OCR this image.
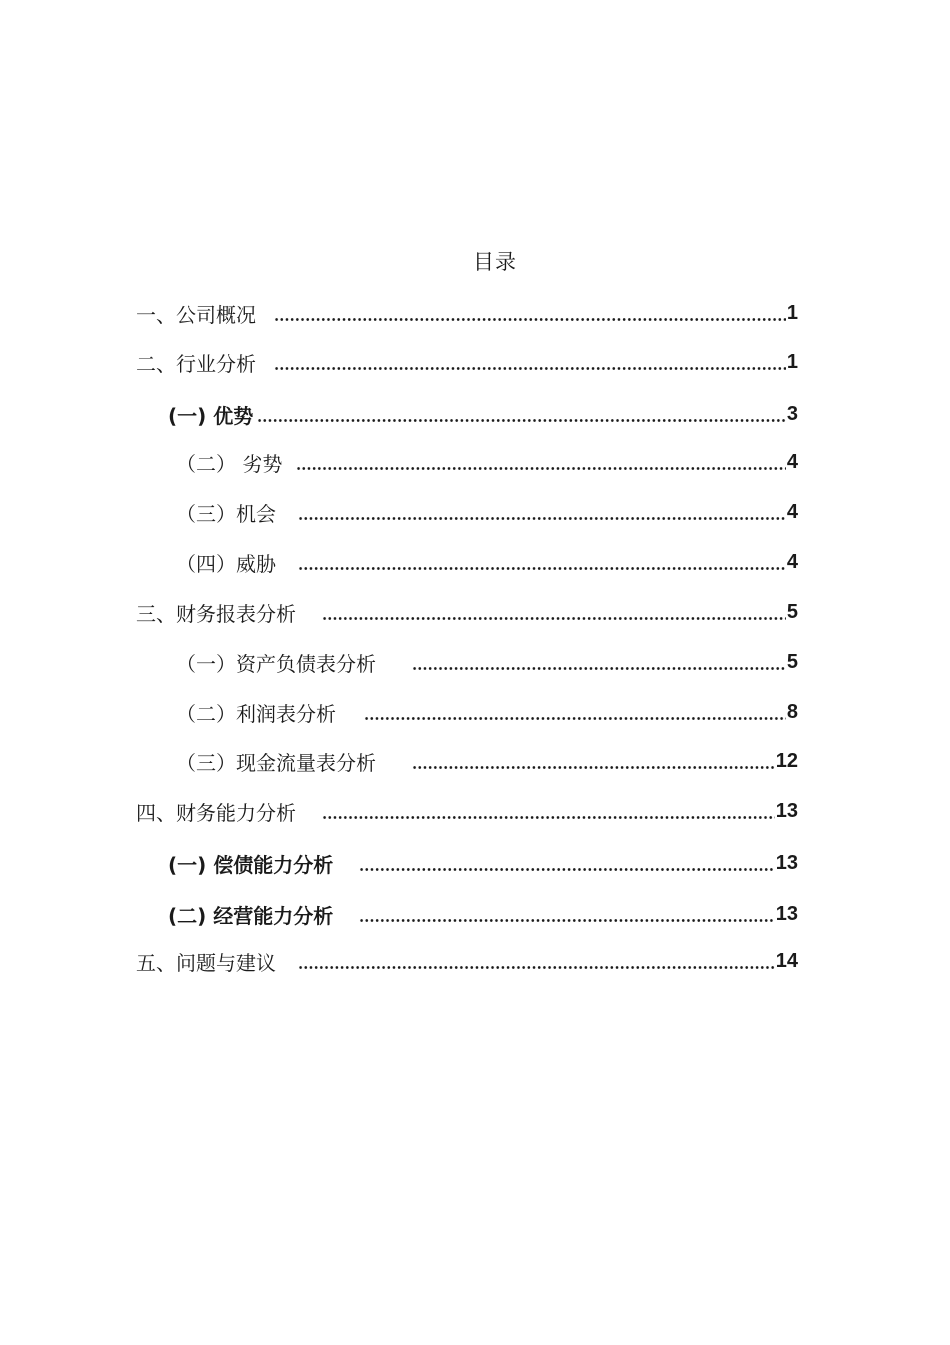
目录
一、公司概况	1
二、行业分析	1
(一) 优势	3
（二） 劣势	4
（三）机会	4
（四）威胁	4
三、财务报表分析	5
（一）资产负债表分析	5
（二）利润表分析	8
（三）现金流量表分析	12
四、财务能力分析	13
(一) 偿债能力分析	13
(二) 经营能力分析	13
五、问题与建议	14
